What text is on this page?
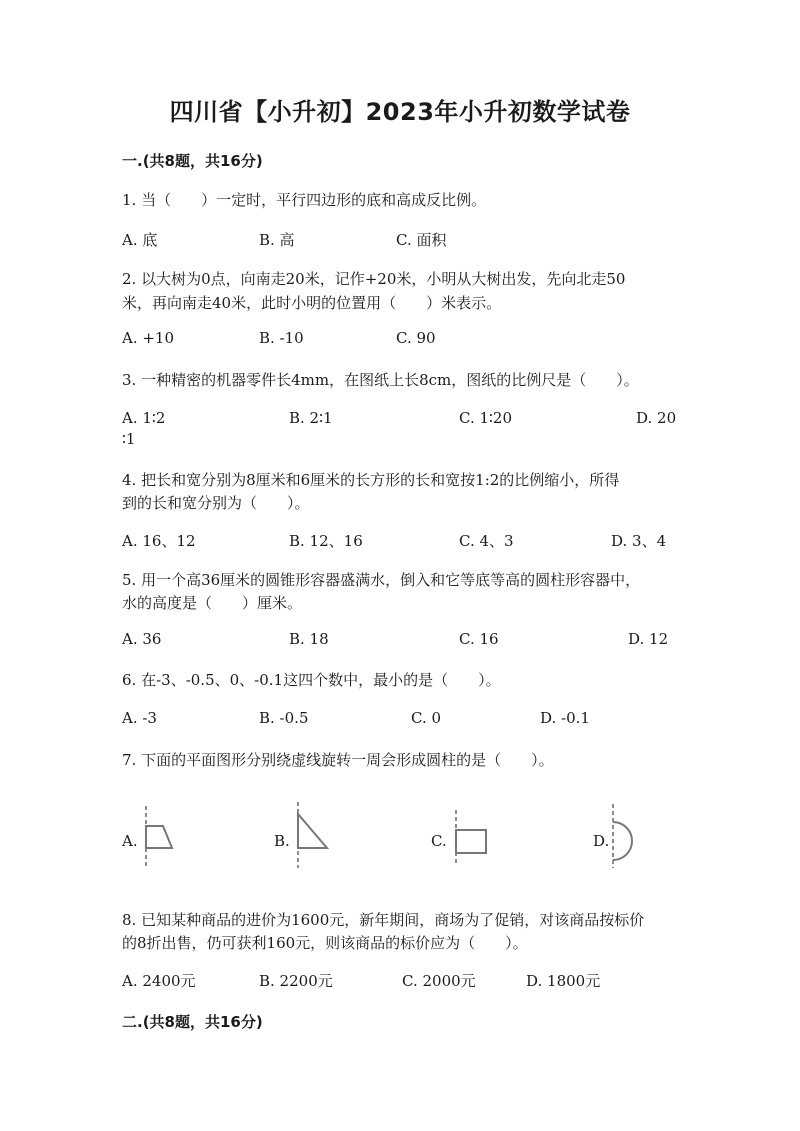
四川省【小升初】2023年小升初数学试卷
一.(共8题，共16分)
1. 当（　　）一定时，平行四边形的底和高成反比例。
A. 底	B. 高	C. 面积
2. 以大树为0点，向南走20米，记作+20米，小明从大树出发，先向北走50
米，再向南走40米，此时小明的位置用（　　）米表示。
A. +10	B. -10	C. 90
3. 一种精密的机器零件长4mm，在图纸上长8cm，图纸的比例尺是（　　）。
A. 1∶2	B. 2∶1	C. 1∶20	D. 20
∶1
4. 把长和宽分别为8厘米和6厘米的长方形的长和宽按1:2的比例缩小，所得
到的长和宽分别为（　　）。
A. 16、12	B. 12、16	C. 4、3	D. 3、4
5. 用一个高36厘米的圆锥形容器盛满水，倒入和它等底等高的圆柱形容器中，
水的高度是（　　）厘米。
A. 36	B. 18	C. 16	D. 12
6. 在-3、-0.5、0、-0.1这四个数中，最小的是（　　）。
A. -3	B. -0.5	C. 0	D. -0.1
7. 下面的平面图形分别绕虚线旋转一周会形成圆柱的是（　　）。
A.	B.	C.	D.
8. 已知某种商品的进价为1600元，新年期间，商场为了促销，对该商品按标价
的8折出售，仍可获利160元，则该商品的标价应为（　　）。
A. 2400元	B. 2200元	C. 2000元	D. 1800元
二.(共8题，共16分)
